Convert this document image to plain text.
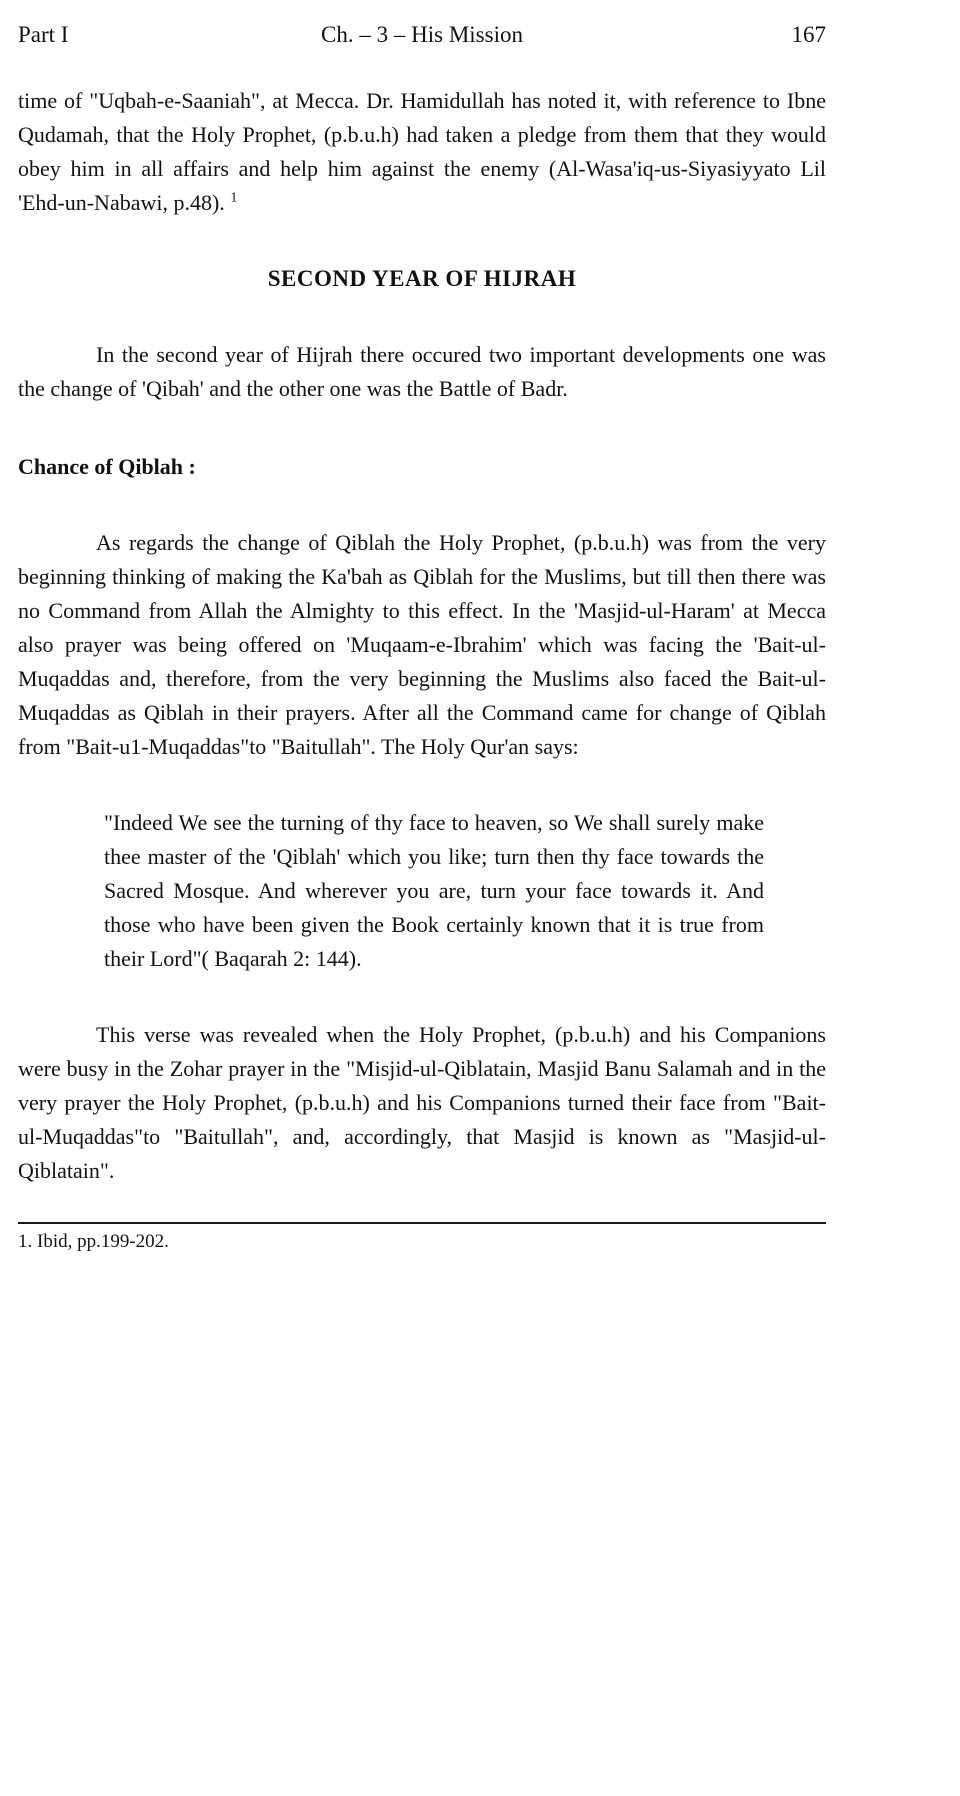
Part I	Ch. – 3 – His Mission	167

time of "Uqbah-e-Saaniah", at Mecca. Dr. Hamidullah has noted it, with reference to Ibne Qudamah, that the Holy Prophet, (p.b.u.h) had taken a pledge from them that they would obey him in all affairs and help him against the enemy (Al-Wasa'iq-us-Siyasiyyato Lil 'Ehd-un-Nabawi, p.48). $^1$

SECOND YEAR OF HIJRAH

In the second year of Hijrah there occured two important developments one was the change of 'Qibah' and the other one was the Battle of Badr.

Chance of Qiblah :

As regards the change of Qiblah the Holy Prophet, (p.b.u.h) was from the very beginning thinking of making the Ka'bah as Qiblah for the Muslims, but till then there was no Command from Allah the Almighty to this effect. In the 'Masjid-ul-Haram' at Mecca also prayer was being offered on 'Muqaam-e-Ibrahim' which was facing the 'Bait-ul-Muqaddas and, therefore, from the very beginning the Muslims also faced the Bait-ul-Muqaddas as Qiblah in their prayers. After all the Command came for change of Qiblah from "Bait-u1-Muqaddas"to "Baitullah". The Holy Qur'an says:

"Indeed We see the turning of thy face to heaven, so We shall surely make thee master of the 'Qiblah' which you like; turn then thy face towards the Sacred Mosque. And wherever you are, turn your face towards it. And those who have been given the Book certainly known that it is true from their Lord"( Baqarah 2: 144).

This verse was revealed when the Holy Prophet, (p.b.u.h) and his Companions were busy in the Zohar prayer in the "Misjid-ul-Qiblatain, Masjid Banu Salamah and in the very prayer the Holy Prophet, (p.b.u.h) and his Companions turned their face from "Bait-ul-Muqaddas"to "Baitullah", and, accordingly, that Masjid is known as "Masjid-ul-Qiblatain".

1. Ibid, pp.199-202.
